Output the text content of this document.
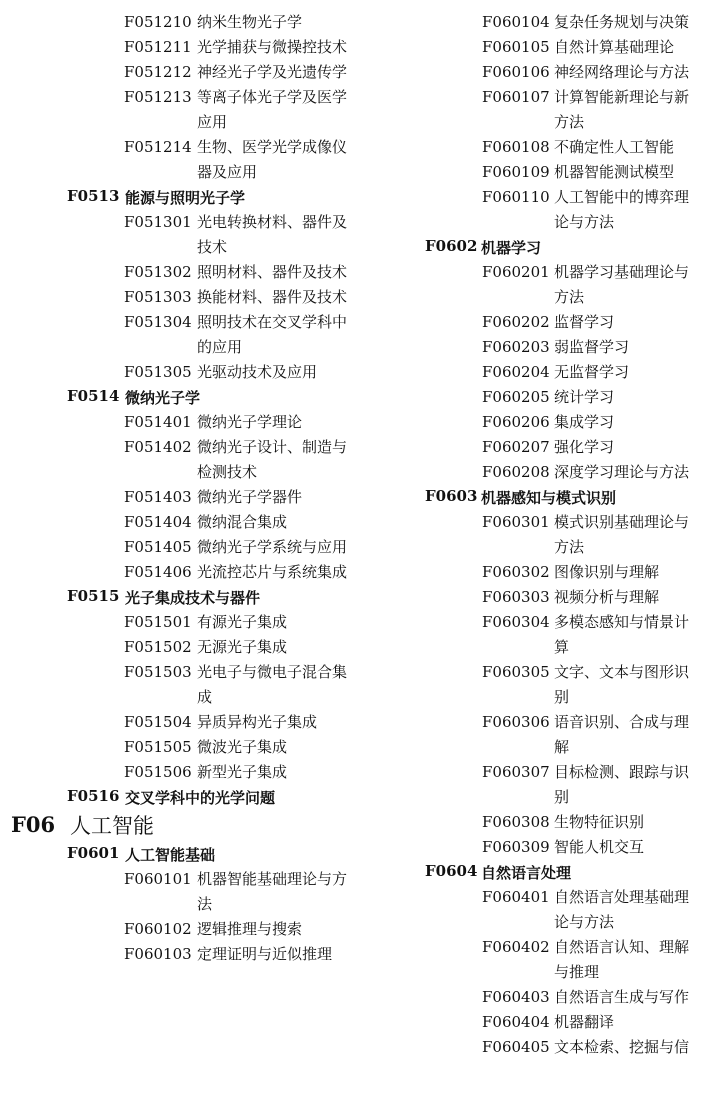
F051210 纳米生物光子学
F051211 光学捕获与微操控技术
F051212 神经光子学及光遗传学
F051213 等离子体光子学及医学应用
F051214 生物、医学光学成像仪器及应用
F0513 能源与照明光子学
F051301 光电转换材料、器件及技术
F051302 照明材料、器件及技术
F051303 换能材料、器件及技术
F051304 照明技术在交叉学科中的应用
F051305 光驱动技术及应用
F0514 微纳光子学
F051401 微纳光子学理论
F051402 微纳光子设计、制造与检测技术
F051403 微纳光子学器件
F051404 微纳混合集成
F051405 微纳光子学系统与应用
F051406 光流控芯片与系统集成
F0515 光子集成技术与器件
F051501 有源光子集成
F051502 无源光子集成
F051503 光电子与微电子混合集成
F051504 异质异构光子集成
F051505 微波光子集成
F051506 新型光子集成
F0516 交叉学科中的光学问题
F06 人工智能
F0601 人工智能基础
F060101 机器智能基础理论与方法
F060102 逻辑推理与搜索
F060103 定理证明与近似推理
F060104 复杂任务规划与决策
F060105 自然计算基础理论
F060106 神经网络理论与方法
F060107 计算智能新理论与新方法
F060108 不确定性人工智能
F060109 机器智能测试模型
F060110 人工智能中的博弈理论与方法
F0602 机器学习
F060201 机器学习基础理论与方法
F060202 监督学习
F060203 弱监督学习
F060204 无监督学习
F060205 统计学习
F060206 集成学习
F060207 强化学习
F060208 深度学习理论与方法
F0603 机器感知与模式识别
F060301 模式识别基础理论与方法
F060302 图像识别与理解
F060303 视频分析与理解
F060304 多模态感知与情景计算
F060305 文字、文本与图形识别
F060306 语音识别、合成与理解
F060307 目标检测、跟踪与识别
F060308 生物特征识别
F060309 智能人机交互
F0604 自然语言处理
F060401 自然语言处理基础理论与方法
F060402 自然语言认知、理解与推理
F060403 自然语言生成与写作
F060404 机器翻译
F060405 文本检索、挖掘与信
